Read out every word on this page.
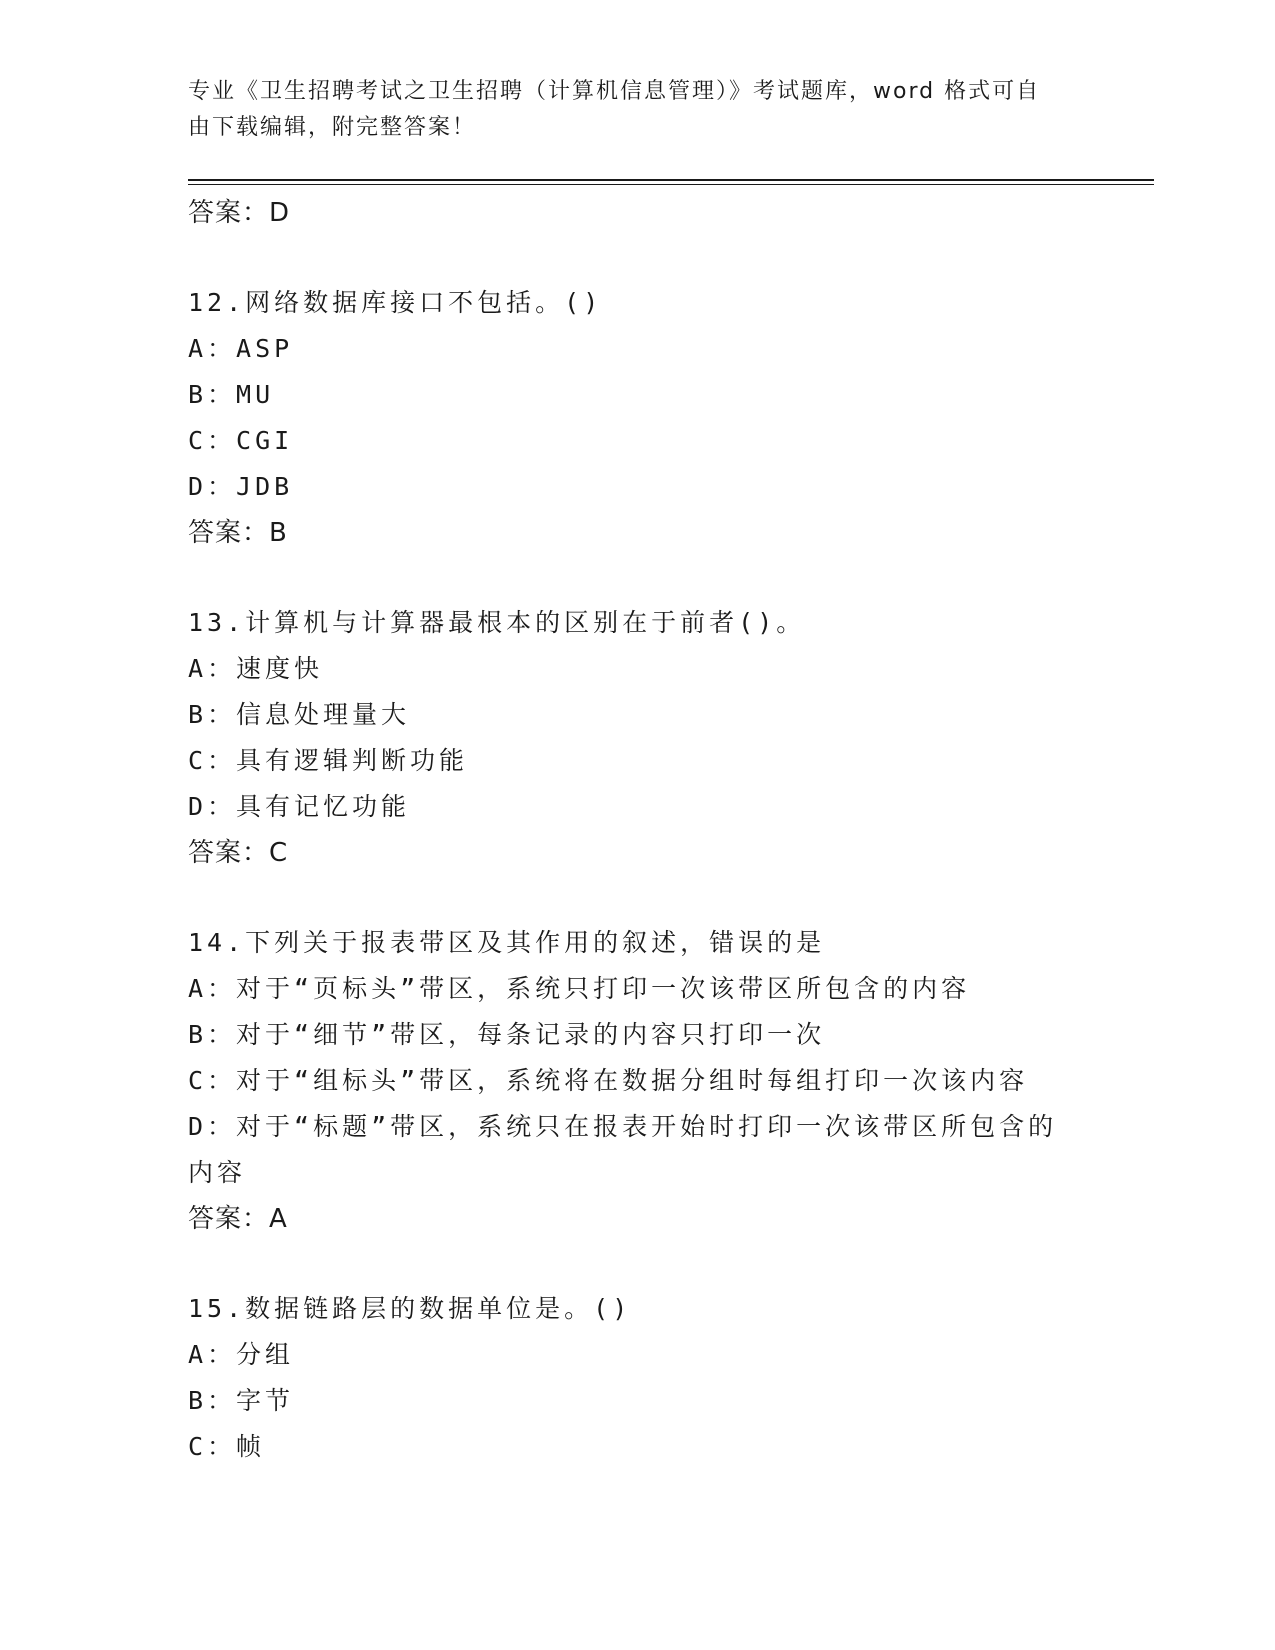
专业《卫生招聘考试之卫生招聘（计算机信息管理）》考试题库，word 格式可自
由下载编辑，附完整答案！
答案：D
12.网络数据库接口不包括。()
A：ASP
B：MU
C：CGI
D：JDB
答案：B
13.计算机与计算器最根本的区别在于前者()。
A：速度快
B：信息处理量大
C：具有逻辑判断功能
D：具有记忆功能
答案：C
14.下列关于报表带区及其作用的叙述，错误的是
A：对于“页标头”带区，系统只打印一次该带区所包含的内容
B：对于“细节”带区，每条记录的内容只打印一次
C：对于“组标头”带区，系统将在数据分组时每组打印一次该内容
D：对于“标题”带区，系统只在报表开始时打印一次该带区所包含的
内容
答案：A
15.数据链路层的数据单位是。()
A：分组
B：字节
C：帧
